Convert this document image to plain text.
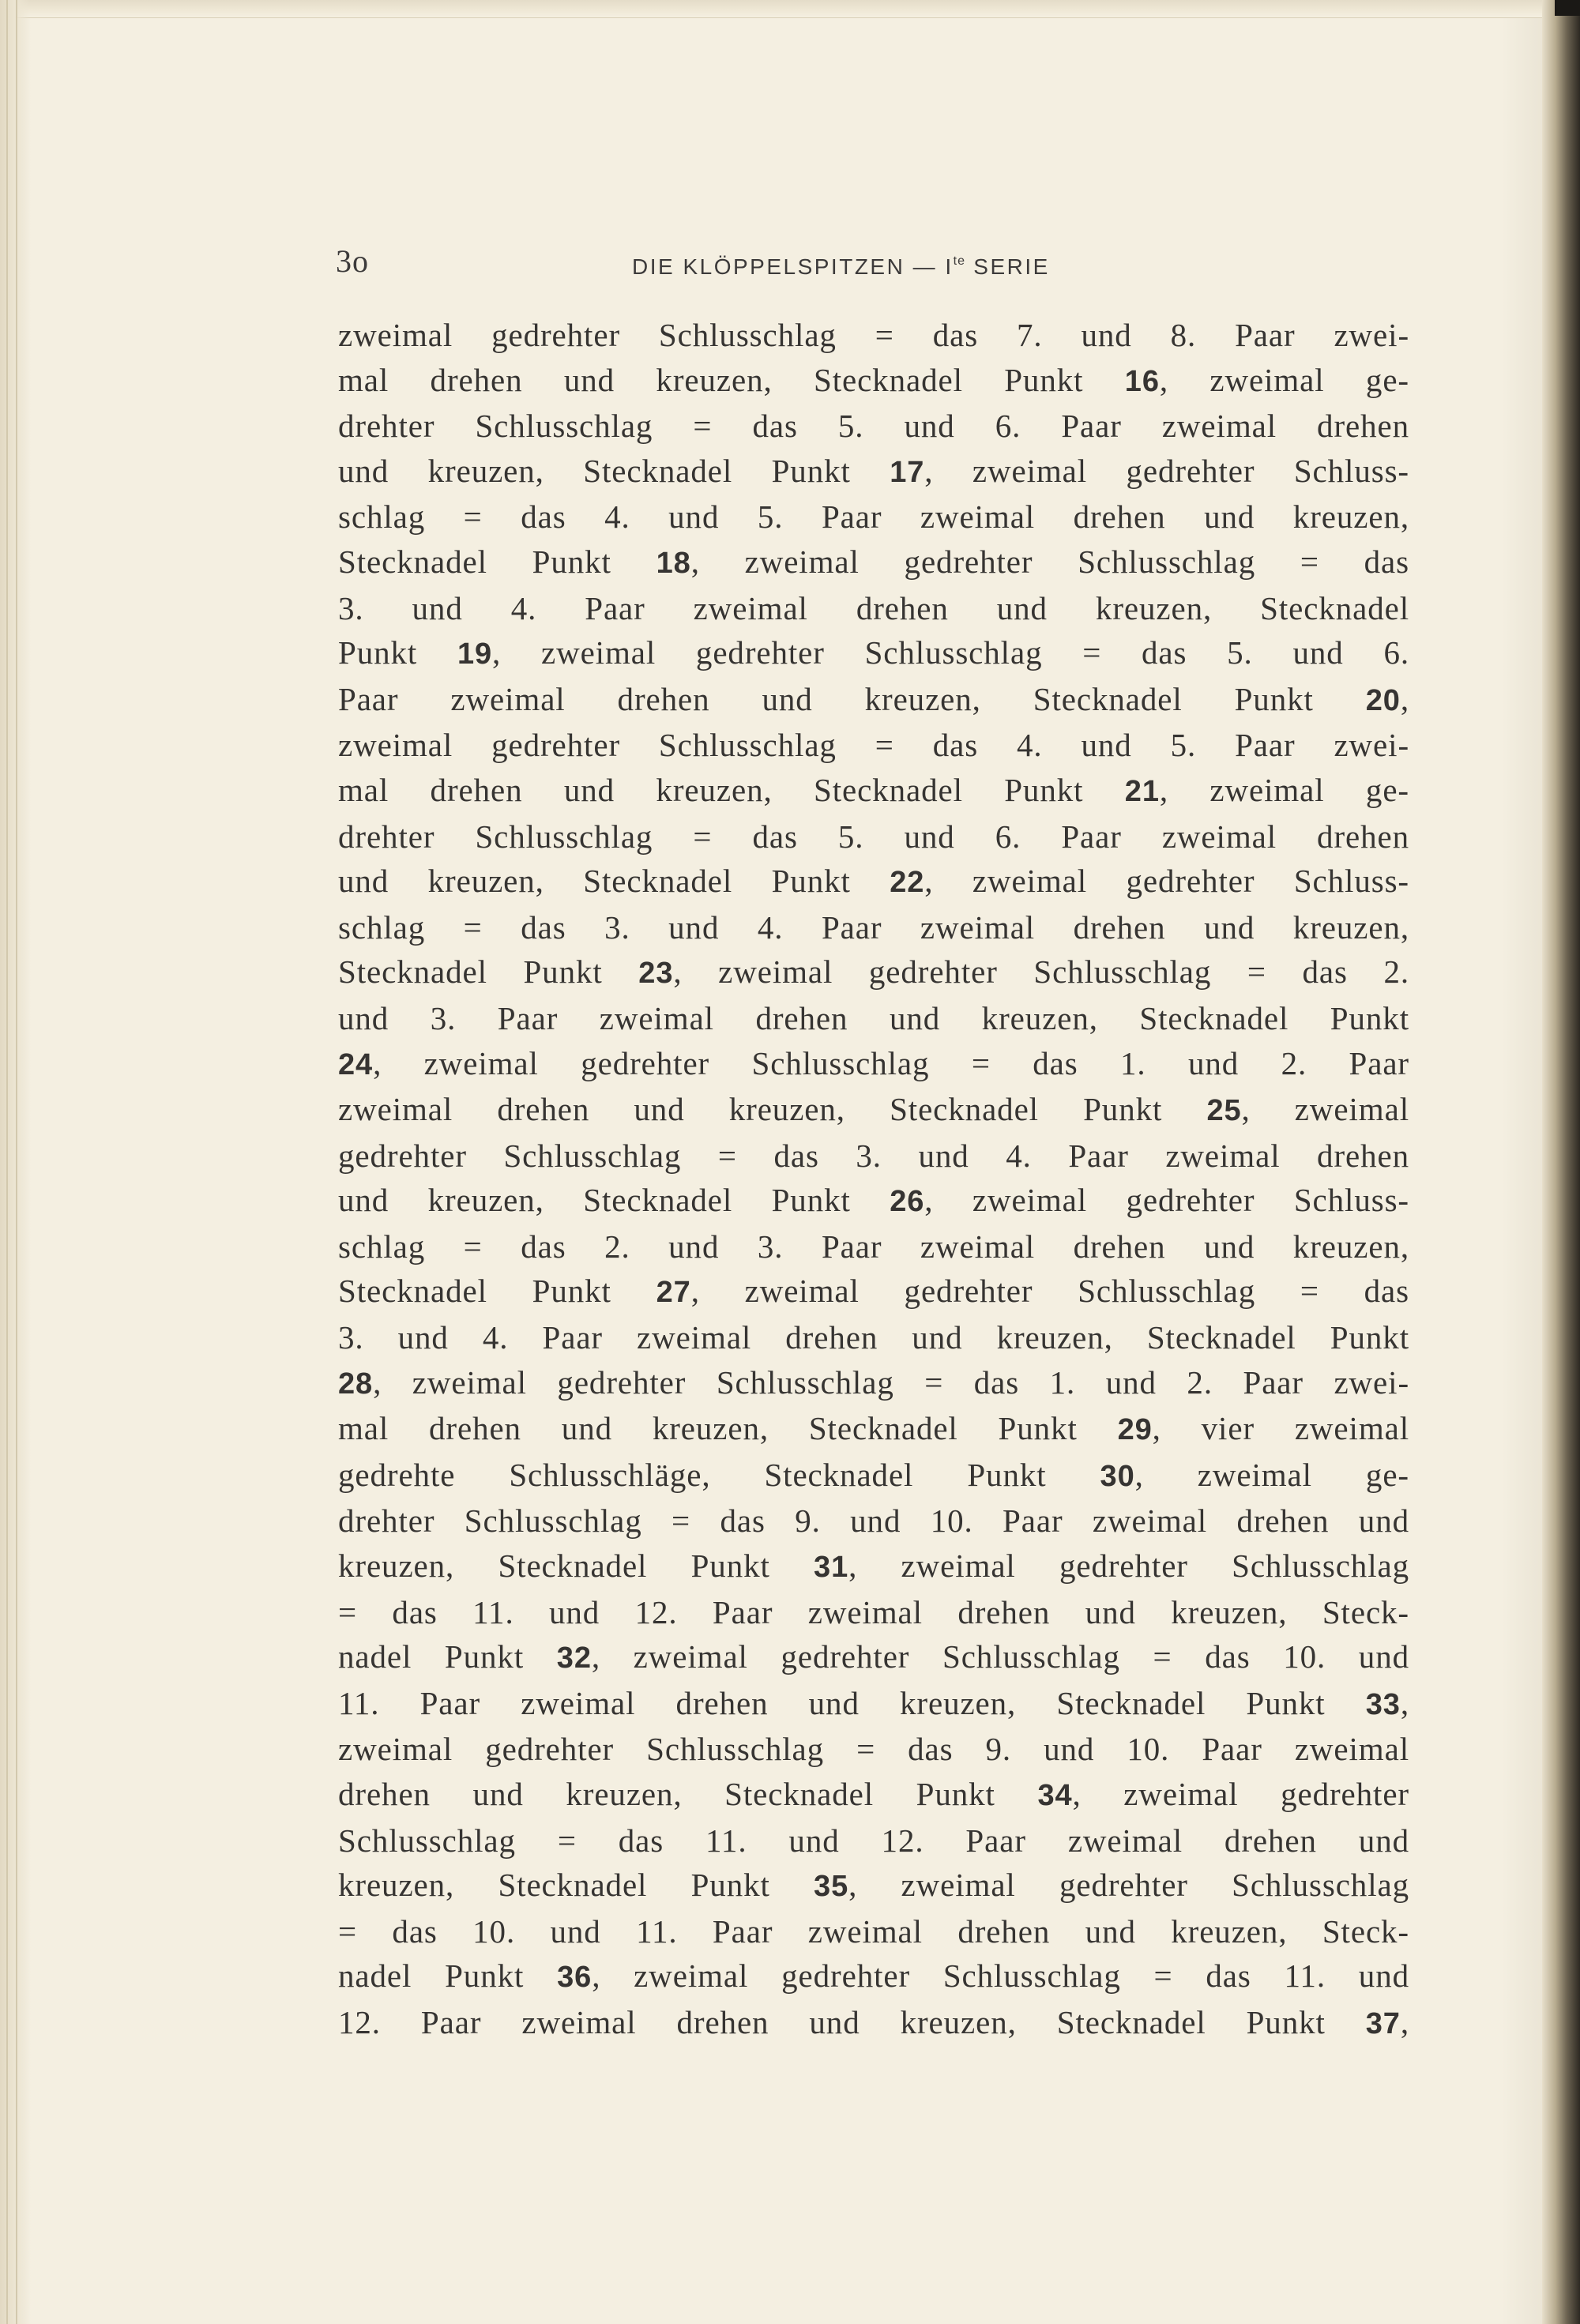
3o	DIE KLÖPPELSPITZEN — $I^{te}$ SERIE
zweimal gedrehter Schlusschlag = das 7. und 8. Paar zwei-
mal drehen und kreuzen, Stecknadel Punkt 16, zweimal ge-
drehter Schlusschlag = das 5. und 6. Paar zweimal drehen
und kreuzen, Stecknadel Punkt 17, zweimal gedrehter Schluss-
schlag = das 4. und 5. Paar zweimal drehen und kreuzen,
Stecknadel Punkt 18, zweimal gedrehter Schlusschlag = das
3. und 4. Paar zweimal drehen und kreuzen, Stecknadel
Punkt 19, zweimal gedrehter Schlusschlag = das 5. und 6.
Paar zweimal drehen und kreuzen, Stecknadel Punkt 20,
zweimal gedrehter Schlusschlag = das 4. und 5. Paar zwei-
mal drehen und kreuzen, Stecknadel Punkt 21, zweimal ge-
drehter Schlusschlag = das 5. und 6. Paar zweimal drehen
und kreuzen, Stecknadel Punkt 22, zweimal gedrehter Schluss-
schlag = das 3. und 4. Paar zweimal drehen und kreuzen,
Stecknadel Punkt 23, zweimal gedrehter Schlusschlag = das 2.
und 3. Paar zweimal drehen und kreuzen, Stecknadel Punkt
24, zweimal gedrehter Schlusschlag = das 1. und 2. Paar
zweimal drehen und kreuzen, Stecknadel Punkt 25, zweimal
gedrehter Schlusschlag = das 3. und 4. Paar zweimal drehen
und kreuzen, Stecknadel Punkt 26, zweimal gedrehter Schluss-
schlag = das 2. und 3. Paar zweimal drehen und kreuzen,
Stecknadel Punkt 27, zweimal gedrehter Schlusschlag = das
3. und 4. Paar zweimal drehen und kreuzen, Stecknadel Punkt
28, zweimal gedrehter Schlusschlag = das 1. und 2. Paar zwei-
mal drehen und kreuzen, Stecknadel Punkt 29, vier zweimal
gedrehte Schlusschläge, Stecknadel Punkt 30, zweimal ge-
drehter Schlusschlag = das 9. und 10. Paar zweimal drehen und
kreuzen, Stecknadel Punkt 31, zweimal gedrehter Schlusschlag
= das 11. und 12. Paar zweimal drehen und kreuzen, Steck-
nadel Punkt 32, zweimal gedrehter Schlusschlag = das 10. und
11. Paar zweimal drehen und kreuzen, Stecknadel Punkt 33,
zweimal gedrehter Schlusschlag = das 9. und 10. Paar zweimal
drehen und kreuzen, Stecknadel Punkt 34, zweimal gedrehter
Schlusschlag = das 11. und 12. Paar zweimal drehen und
kreuzen, Stecknadel Punkt 35, zweimal gedrehter Schlusschlag
= das 10. und 11. Paar zweimal drehen und kreuzen, Steck-
nadel Punkt 36, zweimal gedrehter Schlusschlag = das 11. und
12. Paar zweimal drehen und kreuzen, Stecknadel Punkt 37,
